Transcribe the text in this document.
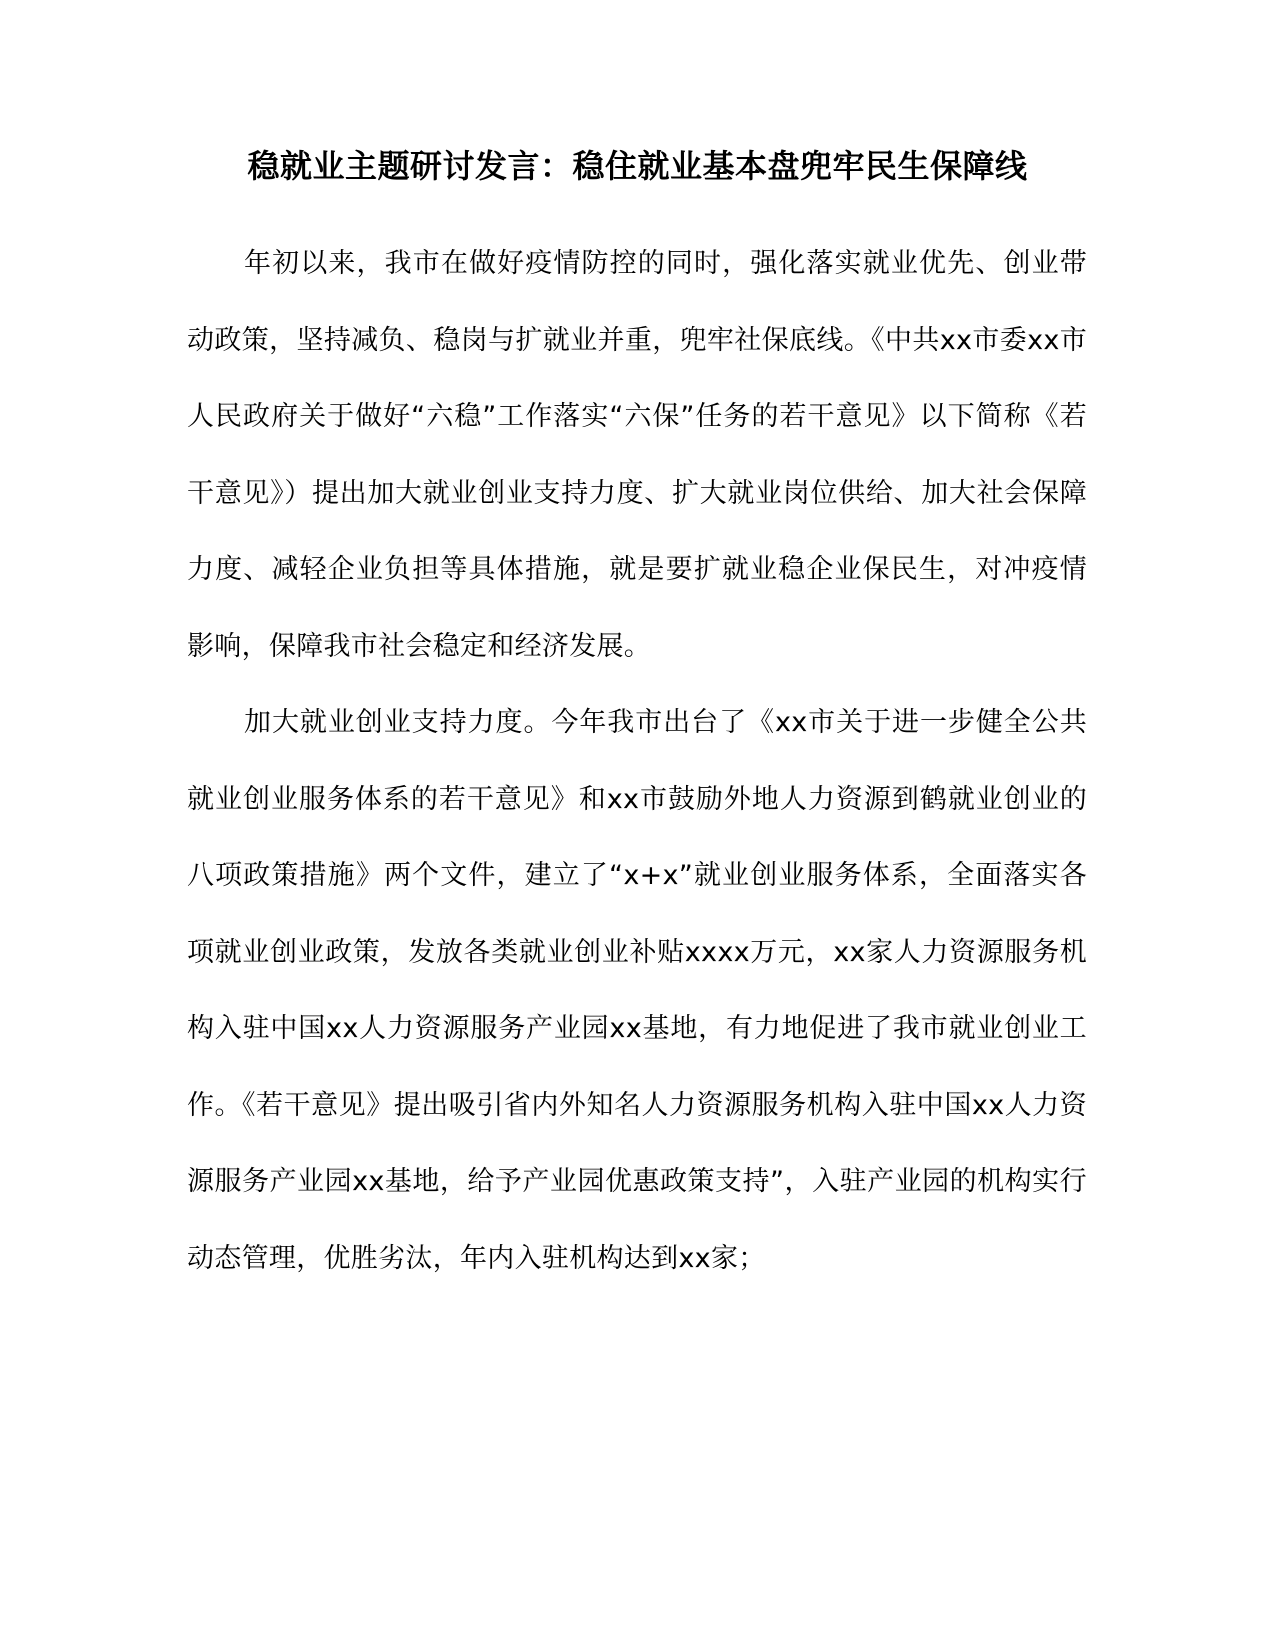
稳就业主题研讨发言：稳住就业基本盘兜牢民生保障线

年初以来，我市在做好疫情防控的同时，强化落实就业优先、创业带动政策，坚持减负、稳岗与扩就业并重，兜牢社保底线。《中共xx市委xx市人民政府关于做好“六稳”工作落实“六保”任务的若干意见》以下简称《若干意见》）提出加大就业创业支持力度、扩大就业岗位供给、加大社会保障力度、减轻企业负担等具体措施，就是要扩就业稳企业保民生，对冲疫情影响，保障我市社会稳定和经济发展。

加大就业创业支持力度。今年我市出台了《xx市关于进一步健全公共就业创业服务体系的若干意见》和xx市鼓励外地人力资源到鹤就业创业的八项政策措施》两个文件，建立了“x+x”就业创业服务体系，全面落实各项就业创业政策，发放各类就业创业补贴xxxx万元，xx家人力资源服务机构入驻中国xx人力资源服务产业园xx基地，有力地促进了我市就业创业工作。《若干意见》提出吸引省内外知名人力资源服务机构入驻中国xx人力资源服务产业园xx基地，给予产业园优惠政策支持”，入驻产业园的机构实行动态管理，优胜劣汰，年内入驻机构达到xx家；
